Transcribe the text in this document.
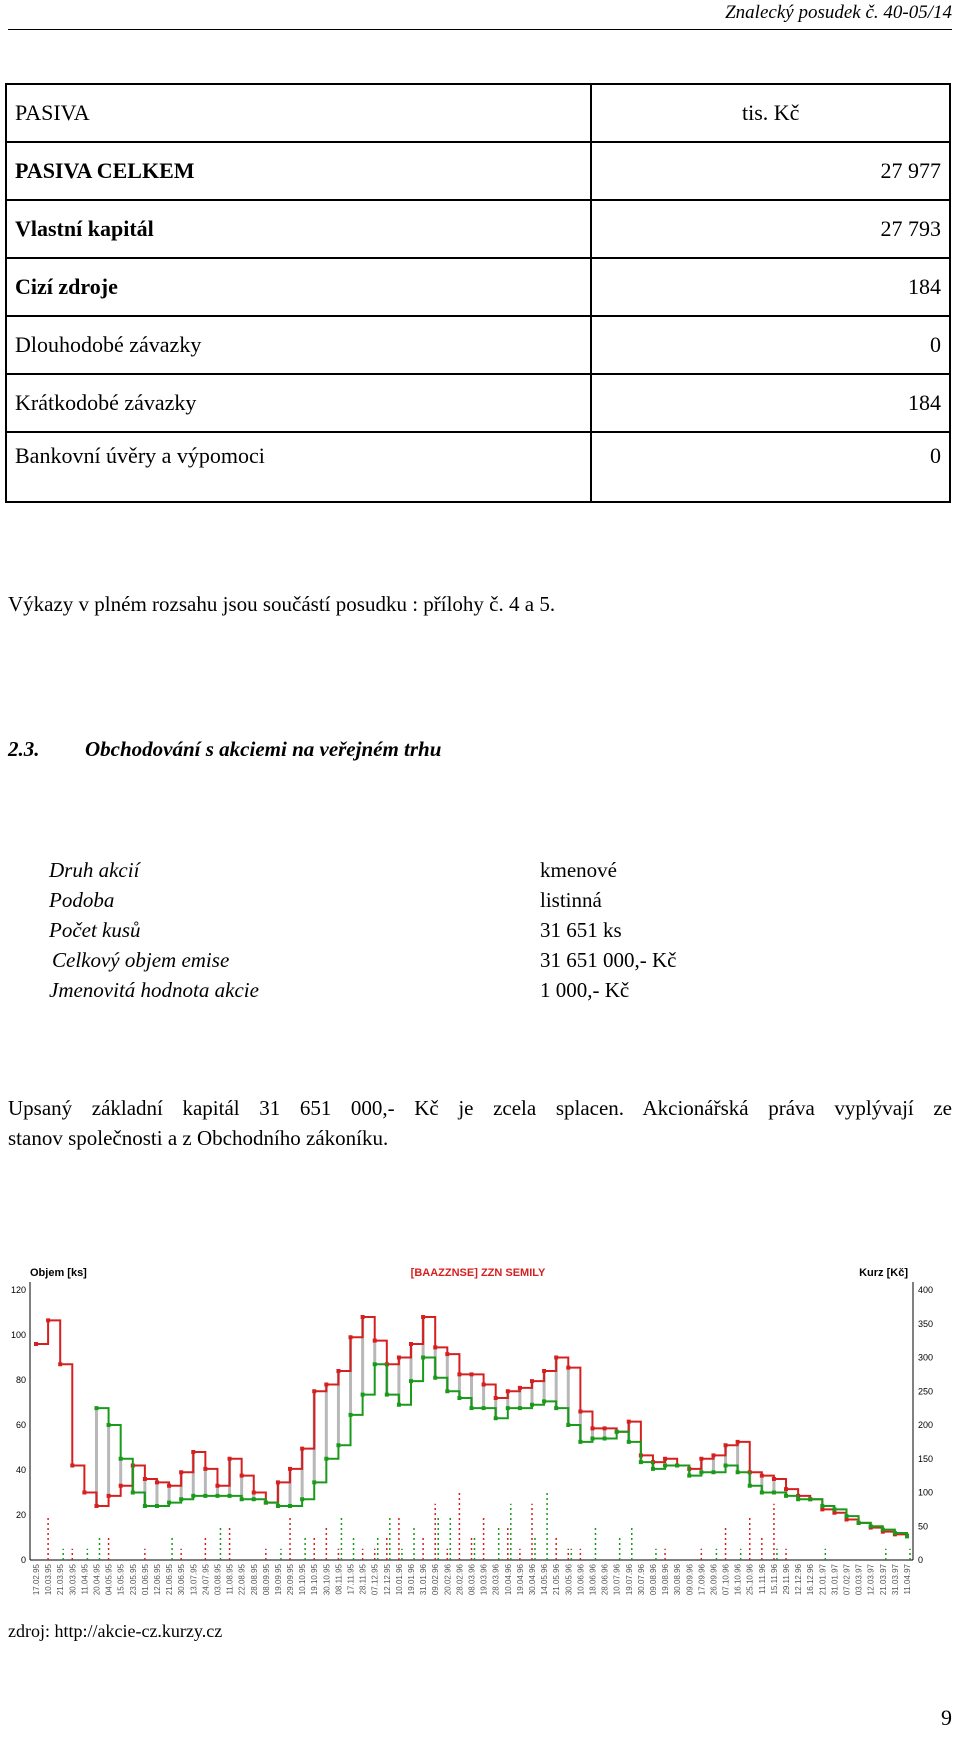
Znalecký posudek č. 40-05/14
PASIVA	tis. Kč
PASIVA CELKEM	27 977
Vlastní kapitál	27 793
Cizí zdroje	184
Dlouhodobé závazky	0
Krátkodobé závazky	184
Bankovní úvěry a výpomoci	0
Výkazy v plném rozsahu jsou součástí posudku : přílohy č. 4 a 5.
2.3. Obchodování s akciemi na veřejném trhu
Druh akcií	kmenové
Podoba	listinná
Počet kusů	31 651 ks
Celkový objem emise	31 651 000,- Kč
Jmenovitá hodnota akcie	1 000,- Kč
Upsaný základní kapitál 31 651 000,- Kč je zcela splacen. Akcionářská práva vyplývají ze
stanov společnosti a z Obchodního zákoníku.
Objem [ks]	[BAAZZNSE] ZZN SEMILY	Kurz [Kč]
0
20
40
60
80
100
120
0
50
100
150
200
250
300
350
400
17.02.95 10.03.95 21.03.95 30.03.95 11.04.95 20.04.95 04.05.95 15.05.95 23.05.95 01.06.95 12.06.95 21.06.95 30.06.95 13.07.95 24.07.95 03.08.95 11.08.95 22.08.95 28.08.95 08.09.95 19.09.95 29.09.95 10.10.95 19.10.95 30.10.95 08.11.95 17.11.95 28.11.95 07.12.95 12.12.95 10.01.96 19.01.96 31.01.96 09.02.96 20.02.96 28.02.96 08.03.96 19.03.96 28.03.96 10.04.96 19.04.96 30.04.96 14.05.96 21.05.96 30.05.96 10.06.96 18.06.96 28.06.96 10.07.96 19.07.96 30.07.96 09.08.96 19.08.96 30.08.96 09.09.96 17.09.96 26.09.96 07.10.96 16.10.96 25.10.96 11.11.96 15.11.96 29.11.96 12.12.96 16.12.96 21.01.97 31.01.97 07.02.97 03.03.97 12.03.97 21.03.97 31.03.97 11.04.97
zdroj: http://akcie-cz.kurzy.cz
9
